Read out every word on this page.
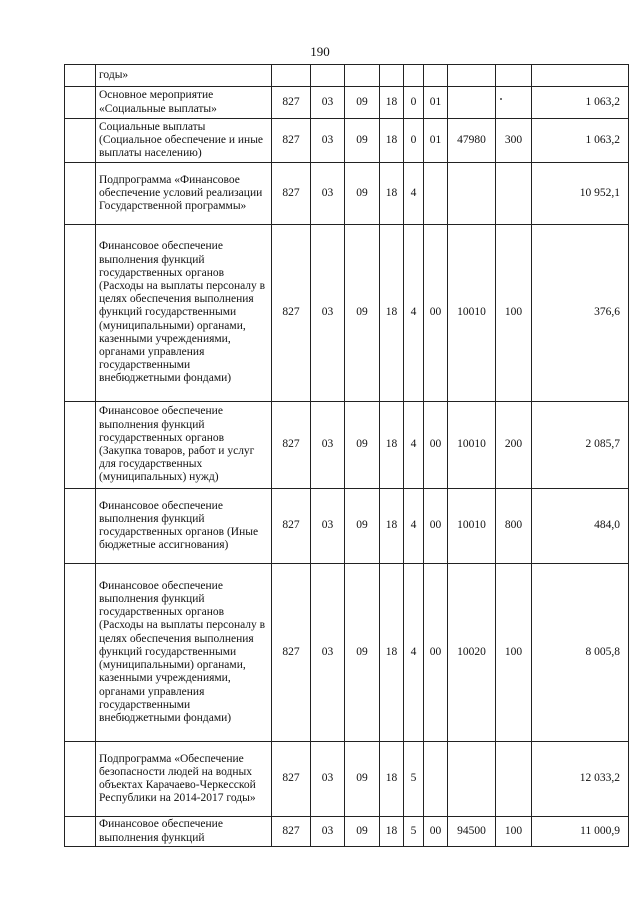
190
	годы»									
	Основное мероприятие «Социальные выплаты»	827	03	09	18	0	01			1 063,2
	Социальные выплаты (Социальное обеспечение и иные выплаты населению)	827	03	09	18	0	01	47980	300	1 063,2
	Подпрограмма «Финансовое обеспечение условий реализации Государственной программы»	827	03	09	18	4				10 952,1
	Финансовое обеспечение выполнения функций государственных органов (Расходы на выплаты персоналу в целях обеспечения выполнения функций государственными (муниципальными) органами, казенными учреждениями, органами управления государственными внебюджетными фондами)	827	03	09	18	4	00	10010	100	376,6
	Финансовое обеспечение выполнения функций государственных органов (Закупка товаров, работ и услуг для государственных (муниципальных) нужд)	827	03	09	18	4	00	10010	200	2 085,7
	Финансовое обеспечение выполнения функций государственных органов (Иные бюджетные ассигнования)	827	03	09	18	4	00	10010	800	484,0
	Финансовое обеспечение выполнения функций государственных органов (Расходы на выплаты персоналу в целях обеспечения выполнения функций государственными (муниципальными) органами, казенными учреждениями, органами управления государственными внебюджетными фондами)	827	03	09	18	4	00	10020	100	8 005,8
	Подпрограмма «Обеспечение безопасности людей на водных объектах Карачаево-Черкесской Республики на 2014-2017 годы»	827	03	09	18	5				12 033,2
	Финансовое обеспечение выполнения функций	827	03	09	18	5	00	94500	100	11 000,9
